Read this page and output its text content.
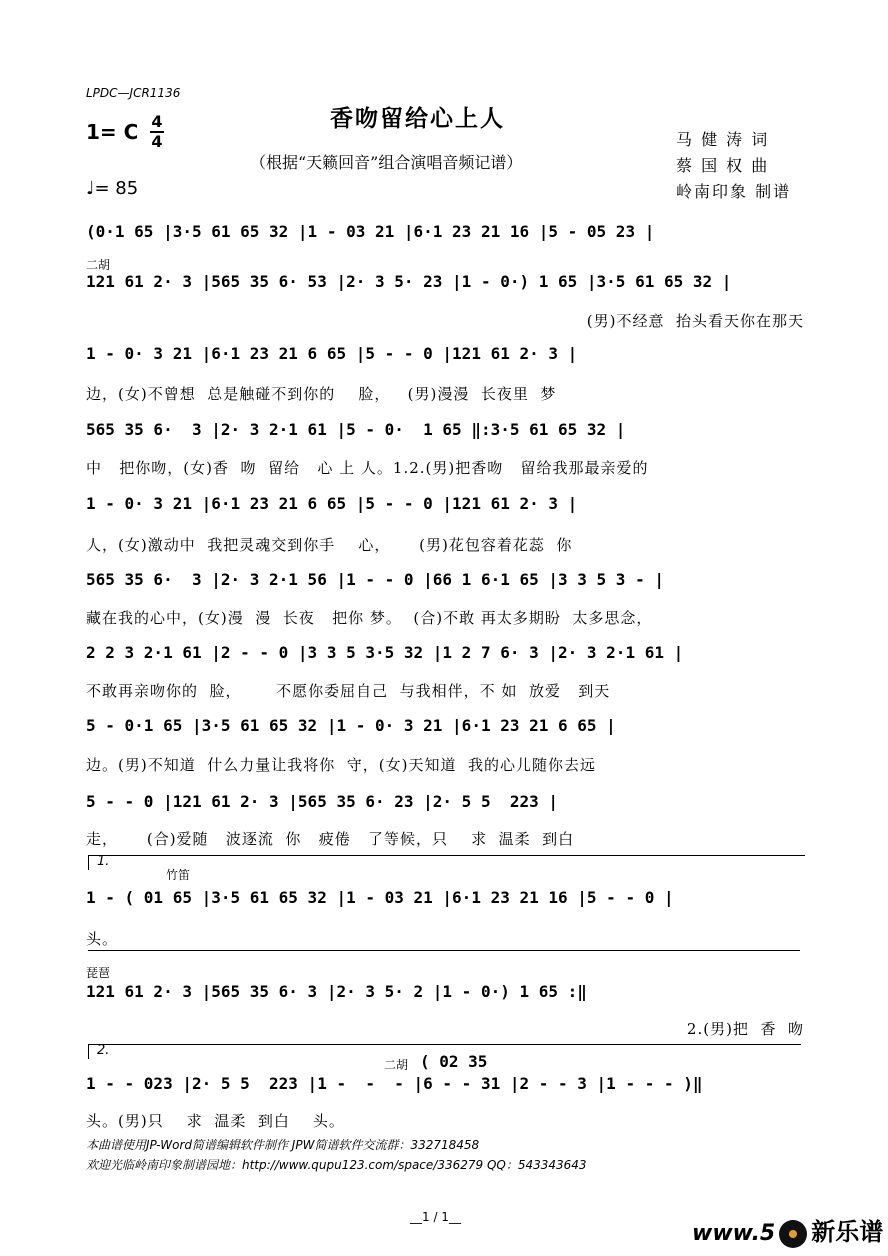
LPDC—JCR1136
香吻留给心上人
1= C 4
4
（根据“天籁回音”组合演唱音频记谱）
♩= 85
马 健 涛 词
蔡 国 权 曲
岭南印象 制谱
(0·1 65 |3·5 61 65 32 |1 - 03 21 |6·1 23 21 16 |5 - 05 23 |
二胡
121 61 2· 3 |565 35 6· 53 |2· 3 5· 23 |1 - 0·) 1 65 |3·5 61 65 32 |
(男)不经意  抬头看天你在那天
1 - 0· 3 21 |6·1 23 21 6 65 |5 - - 0 |121 61 2· 3 |
边，(女)不曾想  总是触碰不到你的    脸，   (男)漫漫  长夜里  梦
565 35 6·  3 |2· 3 2·1 61 |5 - 0·  1 65 ‖:3·5 61 65 32 |
中   把你吻，(女)香  吻  留给   心 上 人。1.2.(男)把香吻   留给我那最亲爱的
1 - 0· 3 21 |6·1 23 21 6 65 |5 - - 0 |121 61 2· 3 |
人，(女)激动中  我把灵魂交到你手    心，     (男)花包容着花蕊  你
565 35 6·  3 |2· 3 2·1 56 |1 - - 0 |66 1 6·1 65 |3 3 5 3 - |
藏在我的心中，(女)漫  漫  长夜   把你 梦。  (合)不敢 再太多期盼  太多思念，
2 2 3 2·1 61 |2 - - 0 |3 3 5 3·5 32 |1 2 7 6· 3 |2· 3 2·1 61 |
不敢再亲吻你的  脸，      不愿你委屈自己  与我相伴，不 如  放爱   到天
5 - 0·1 65 |3·5 61 65 32 |1 - 0· 3 21 |6·1 23 21 6 65 |
边。(男)不知道  什么力量让我将你  守，(女)天知道  我的心儿随你去远
5 - - 0 |121 61 2· 3 |565 35 6· 23 |2· 5 5  223 |
走，     (合)爱随   波逐流  你   疲倦   了等候，只    求  温柔  到白
1.
竹笛
1 - ( 01 65 |3·5 61 65 32 |1 - 03 21 |6·1 23 21 16 |5 - - 0 |
头。
琵琶
121 61 2· 3 |565 35 6· 3 |2· 3 5· 2 |1 - 0·) 1 65 :‖
2.(男)把  香  吻
2.
二胡 ( 02 35
1 - - 023 |2· 5 5  223 |1 -  -  - |6 - - 31 |2 - - 3 |1 - - - )‖
头。(男)只    求  温柔  到白    头。
本曲谱使用JP-Word简谱编辑软件制作 JPW简谱软件交流群：332718458
欢迎光临岭南印象制谱园地：http://www.qupu123.com/space/336279 QQ：543343643
__1 / 1__
www.5 新乐谱
